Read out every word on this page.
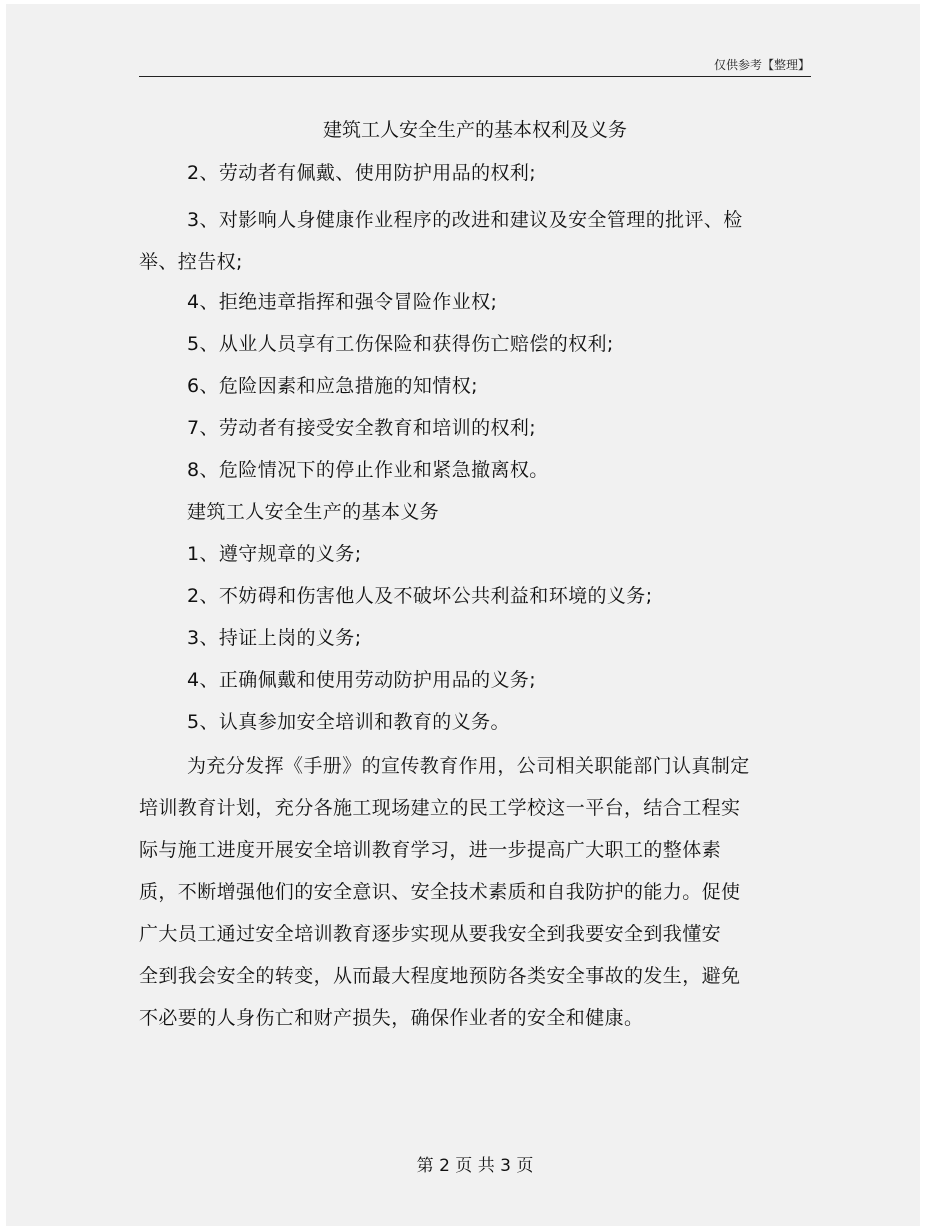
仅供参考【整理】
建筑工人安全生产的基本权利及义务

2、劳动者有佩戴、使用防护用品的权利;

3、对影响人身健康作业程序的改进和建议及安全管理的批评、检
举、控告权;

4、拒绝违章指挥和强令冒险作业权;

5、从业人员享有工伤保险和获得伤亡赔偿的权利;

6、危险因素和应急措施的知情权;

7、劳动者有接受安全教育和培训的权利;

8、危险情况下的停止作业和紧急撤离权。

建筑工人安全生产的基本义务

1、遵守规章的义务;

2、不妨碍和伤害他人及不破坏公共利益和环境的义务;

3、持证上岗的义务;

4、正确佩戴和使用劳动防护用品的义务;

5、认真参加安全培训和教育的义务。

为充分发挥《手册》的宣传教育作用，公司相关职能部门认真制定
培训教育计划，充分各施工现场建立的民工学校这一平台，结合工程实
际与施工进度开展安全培训教育学习，进一步提高广大职工的整体素
质，不断增强他们的安全意识、安全技术素质和自我防护的能力。促使
广大员工通过安全培训教育逐步实现从要我安全到我要安全到我懂安
全到我会安全的转变，从而最大程度地预防各类安全事故的发生，避免
不必要的人身伤亡和财产损失，确保作业者的安全和健康。

第 2 页 共 3 页
